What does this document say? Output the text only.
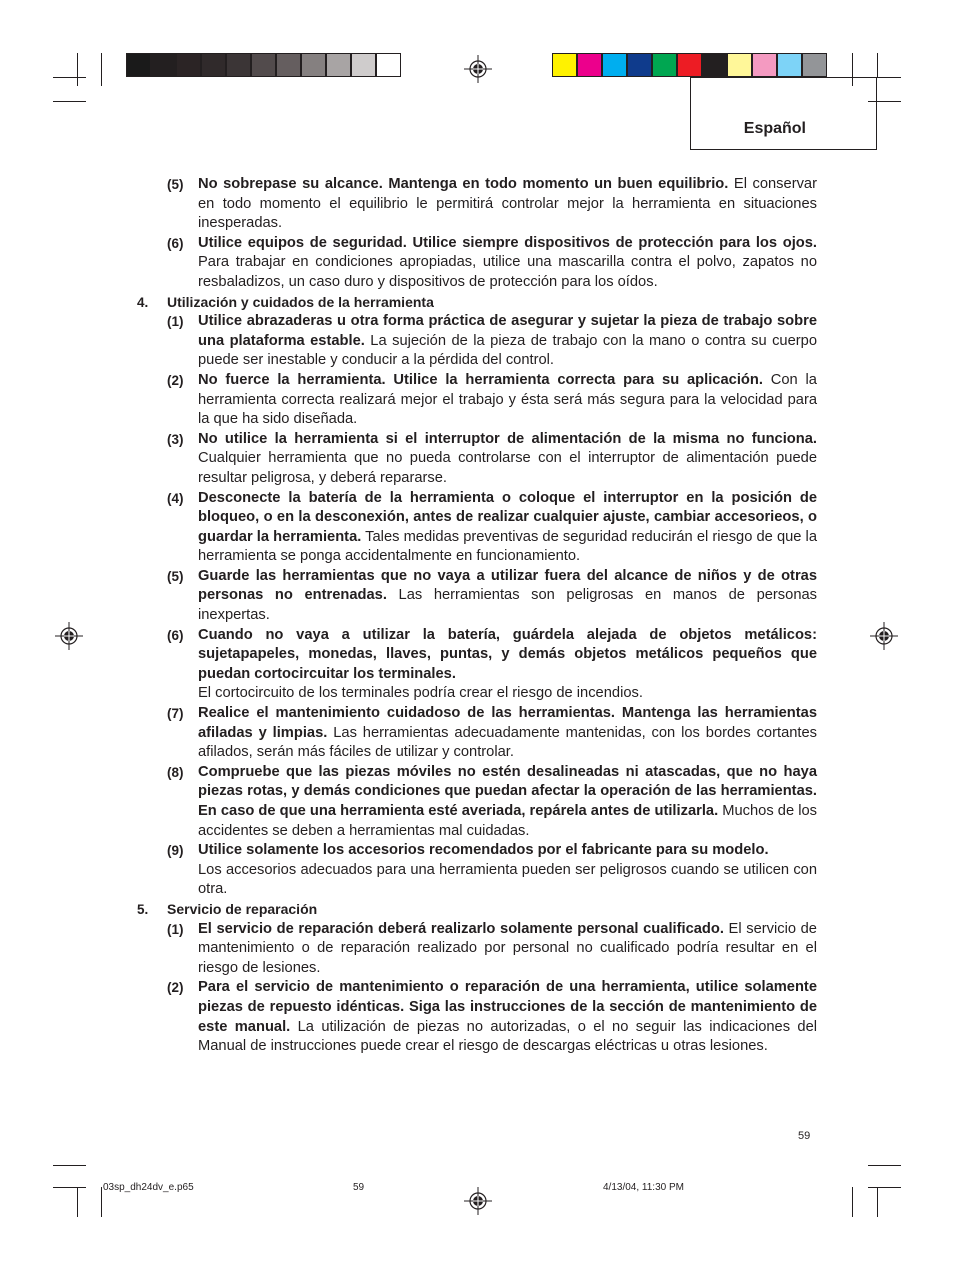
Español
(5) No sobrepase su alcance. Mantenga en todo momento un buen equilibrio. El conservar en todo momento el equilibrio le permitirá controlar mejor la herramienta en situaciones inesperadas.
(6) Utilice equipos de seguridad. Utilice siempre dispositivos de protección para los ojos. Para trabajar en condiciones apropiadas, utilice una mascarilla contra el polvo, zapatos no resbaladizos, un caso duro y dispositivos de protección para los oídos.
4. Utilización y cuidados de la herramienta
(1) Utilice abrazaderas u otra forma práctica de asegurar y sujetar la pieza de trabajo sobre una plataforma estable. La sujeción de la pieza de trabajo con la mano o contra su cuerpo puede ser inestable y conducir a la pérdida del control.
(2) No fuerce la herramienta. Utilice la herramienta correcta para su aplicación. Con la herramienta correcta realizará mejor el trabajo y ésta será más segura para la velocidad para la que ha sido diseñada.
(3) No utilice la herramienta si el interruptor de alimentación de la misma no funciona. Cualquier herramienta que no pueda controlarse con el interruptor de alimentación puede resultar peligrosa, y deberá repararse.
(4) Desconecte la batería de la herramienta o coloque el interruptor en la posición de bloqueo, o en la desconexión, antes de realizar cualquier ajuste, cambiar accesorieos, o guardar la herramienta. Tales medidas preventivas de seguridad reducirán el riesgo de que la herramienta se ponga accidentalmente en funcionamiento.
(5) Guarde las herramientas que no vaya a utilizar fuera del alcance de niños y de otras personas no entrenadas. Las herramientas son peligrosas en manos de personas inexpertas.
(6) Cuando no vaya a utilizar la batería, guárdela alejada de objetos metálicos: sujetapapeles, monedas, llaves, puntas, y demás objetos metálicos pequeños que puedan cortocircuitar los terminales.
El cortocircuito de los terminales podría crear el riesgo de incendios.
(7) Realice el mantenimiento cuidadoso de las herramientas. Mantenga las herramientas afiladas y limpias. Las herramientas adecuadamente mantenidas, con los bordes cortantes afilados, serán más fáciles de utilizar y controlar.
(8) Compruebe que las piezas móviles no estén desalineadas ni atascadas, que no haya piezas rotas, y demás condiciones que puedan afectar la operación de las herramientas. En caso de que una herramienta esté averiada, repárela antes de utilizarla. Muchos de los accidentes se deben a herramientas mal cuidadas.
(9) Utilice solamente los accesorios recomendados por el fabricante para su modelo.
Los accesorios adecuados para una herramienta pueden ser peligrosos cuando se utilicen con otra.
5. Servicio de reparación
(1) El servicio de reparación deberá realizarlo solamente personal cualificado. El servicio de mantenimiento o de reparación realizado por personal no cualificado podría resultar en el riesgo de lesiones.
(2) Para el servicio de mantenimiento o reparación de una herramienta, utilice solamente piezas de repuesto idénticas. Siga las instrucciones de la sección de mantenimiento de este manual. La utilización de piezas no autorizadas, o el no seguir las indicaciones del Manual de instrucciones puede crear el riesgo de descargas eléctricas u otras lesiones.
59
03sp_dh24dv_e.p65	59	4/13/04, 11:30 PM
